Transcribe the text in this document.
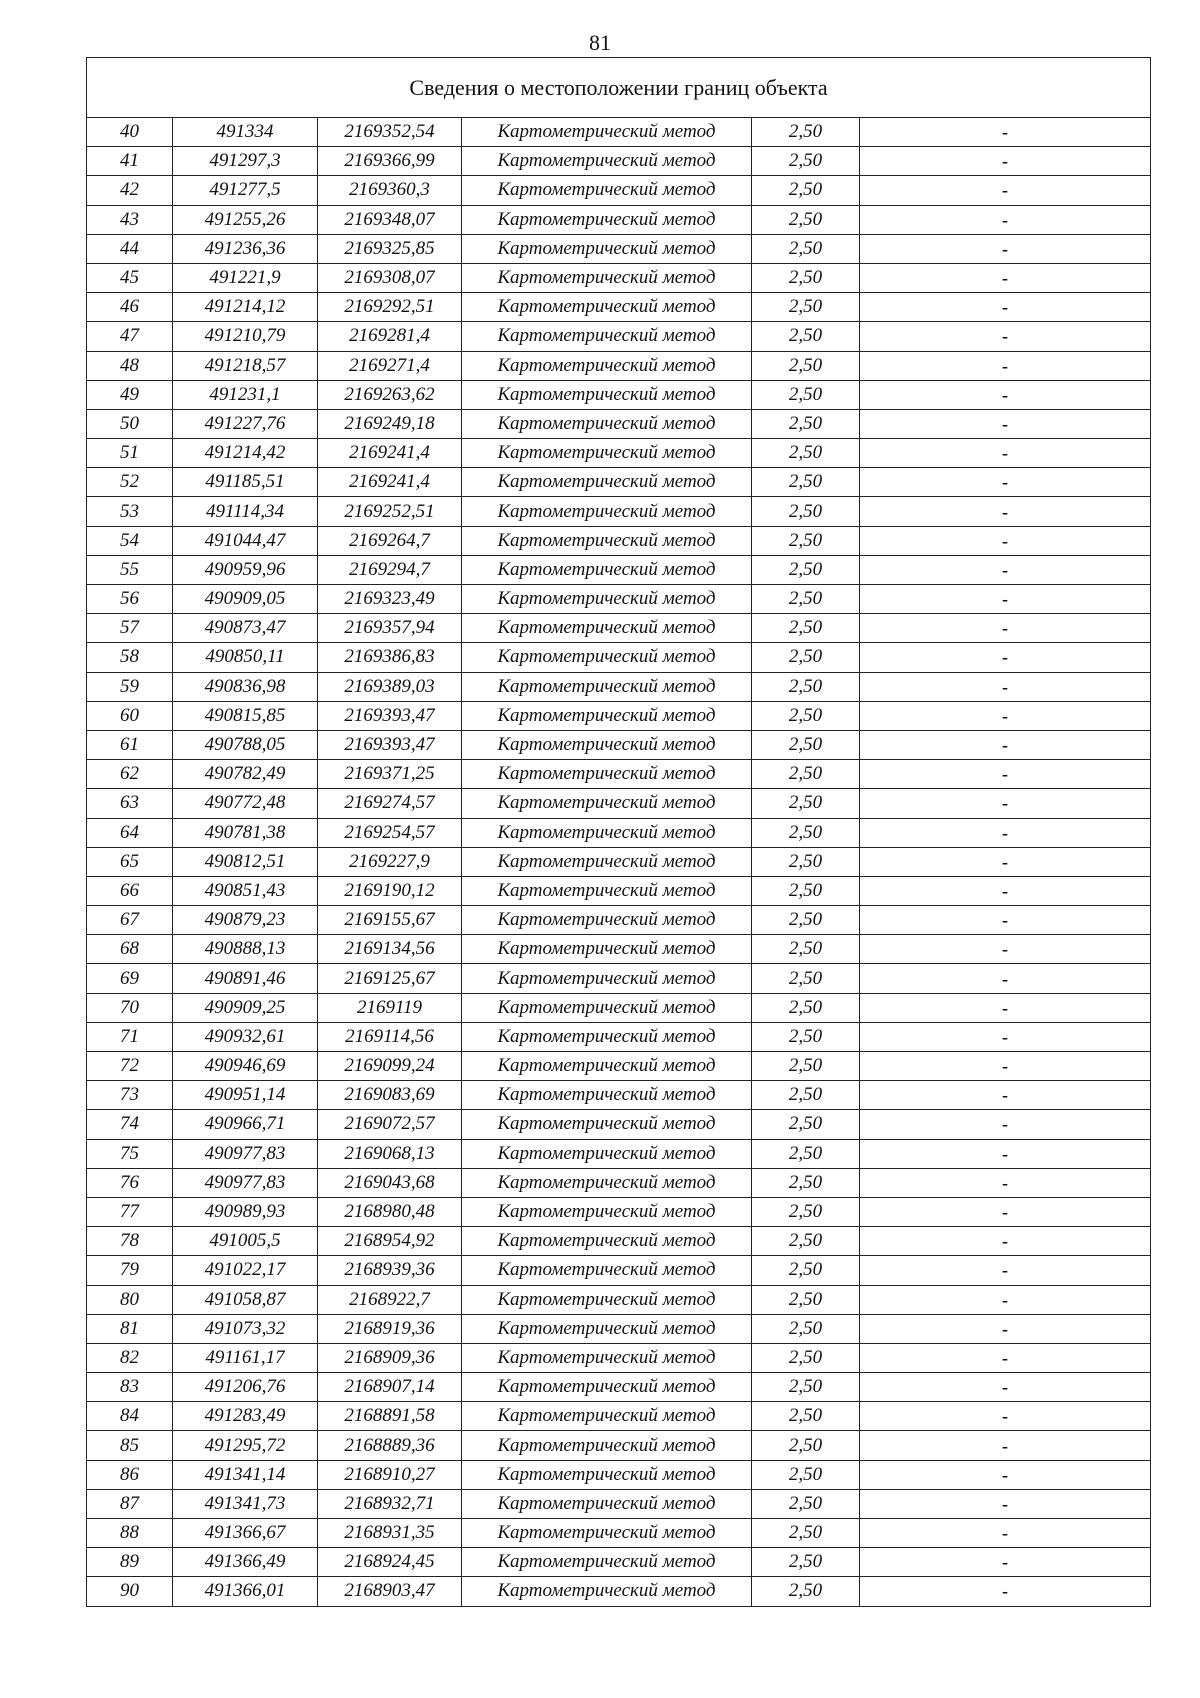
81
Сведения о местоположении границ объекта					
40	491334	2169352,54	Картометрический метод	2,50	-
41	491297,3	2169366,99	Картометрический метод	2,50	-
42	491277,5	2169360,3	Картометрический метод	2,50	-
43	491255,26	2169348,07	Картометрический метод	2,50	-
44	491236,36	2169325,85	Картометрический метод	2,50	-
45	491221,9	2169308,07	Картометрический метод	2,50	-
46	491214,12	2169292,51	Картометрический метод	2,50	-
47	491210,79	2169281,4	Картометрический метод	2,50	-
48	491218,57	2169271,4	Картометрический метод	2,50	-
49	491231,1	2169263,62	Картометрический метод	2,50	-
50	491227,76	2169249,18	Картометрический метод	2,50	-
51	491214,42	2169241,4	Картометрический метод	2,50	-
52	491185,51	2169241,4	Картометрический метод	2,50	-
53	491114,34	2169252,51	Картометрический метод	2,50	-
54	491044,47	2169264,7	Картометрический метод	2,50	-
55	490959,96	2169294,7	Картометрический метод	2,50	-
56	490909,05	2169323,49	Картометрический метод	2,50	-
57	490873,47	2169357,94	Картометрический метод	2,50	-
58	490850,11	2169386,83	Картометрический метод	2,50	-
59	490836,98	2169389,03	Картометрический метод	2,50	-
60	490815,85	2169393,47	Картометрический метод	2,50	-
61	490788,05	2169393,47	Картометрический метод	2,50	-
62	490782,49	2169371,25	Картометрический метод	2,50	-
63	490772,48	2169274,57	Картометрический метод	2,50	-
64	490781,38	2169254,57	Картометрический метод	2,50	-
65	490812,51	2169227,9	Картометрический метод	2,50	-
66	490851,43	2169190,12	Картометрический метод	2,50	-
67	490879,23	2169155,67	Картометрический метод	2,50	-
68	490888,13	2169134,56	Картометрический метод	2,50	-
69	490891,46	2169125,67	Картометрический метод	2,50	-
70	490909,25	2169119	Картометрический метод	2,50	-
71	490932,61	2169114,56	Картометрический метод	2,50	-
72	490946,69	2169099,24	Картометрический метод	2,50	-
73	490951,14	2169083,69	Картометрический метод	2,50	-
74	490966,71	2169072,57	Картометрический метод	2,50	-
75	490977,83	2169068,13	Картометрический метод	2,50	-
76	490977,83	2169043,68	Картометрический метод	2,50	-
77	490989,93	2168980,48	Картометрический метод	2,50	-
78	491005,5	2168954,92	Картометрический метод	2,50	-
79	491022,17	2168939,36	Картометрический метод	2,50	-
80	491058,87	2168922,7	Картометрический метод	2,50	-
81	491073,32	2168919,36	Картометрический метод	2,50	-
82	491161,17	2168909,36	Картометрический метод	2,50	-
83	491206,76	2168907,14	Картометрический метод	2,50	-
84	491283,49	2168891,58	Картометрический метод	2,50	-
85	491295,72	2168889,36	Картометрический метод	2,50	-
86	491341,14	2168910,27	Картометрический метод	2,50	-
87	491341,73	2168932,71	Картометрический метод	2,50	-
88	491366,67	2168931,35	Картометрический метод	2,50	-
89	491366,49	2168924,45	Картометрический метод	2,50	-
90	491366,01	2168903,47	Картометрический метод	2,50	-
